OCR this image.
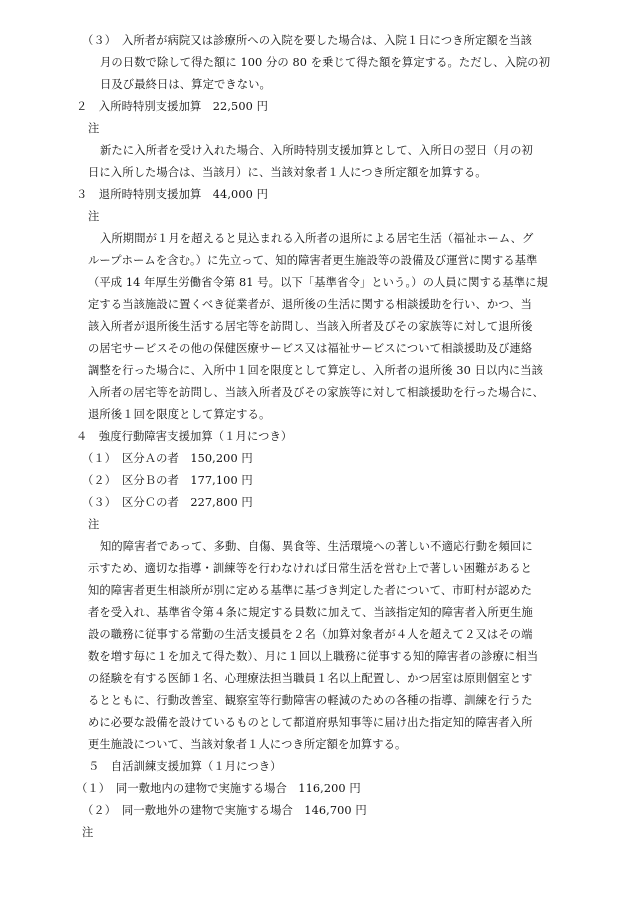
（３）　入所者が病院又は診療所への入院を要した場合は、入院１日につき所定額を当該
月の日数で除して得た額に 100 分の 80 を乗じて得た額を算定する。ただし、入院の初
日及び最終日は、算定できない。
２　入所時特別支援加算　22,500 円
注
新たに入所者を受け入れた場合、入所時特別支援加算として、入所日の翌日（月の初
日に入所した場合は、当該月）に、当該対象者１人につき所定額を加算する。
３　退所時特別支援加算　44,000 円
注
入所期間が１月を超えると見込まれる入所者の退所による居宅生活（福祉ホーム、グ
ループホームを含む。）に先立って、知的障害者更生施設等の設備及び運営に関する基準
（平成 14 年厚生労働省令第 81 号。以下「基準省令」という。）の人員に関する基準に規
定する当該施設に置くべき従業者が、退所後の生活に関する相談援助を行い、かつ、当
該入所者が退所後生活する居宅等を訪問し、当該入所者及びその家族等に対して退所後
の居宅サービスその他の保健医療サービス又は福祉サービスについて相談援助及び連絡
調整を行った場合に、入所中１回を限度として算定し、入所者の退所後 30 日以内に当該
入所者の居宅等を訪問し、当該入所者及びその家族等に対して相談援助を行った場合に、
退所後１回を限度として算定する。
４　強度行動障害支援加算（１月につき）
（１）　区分Ａの者　150,200 円
（２）　区分Ｂの者　177,100 円
（３）　区分Ｃの者　227,800 円
注
知的障害者であって、多動、自傷、異食等、生活環境への著しい不適応行動を頻回に
示すため、適切な指導・訓練等を行わなければ日常生活を営む上で著しい困難があると
知的障害者更生相談所が別に定める基準に基づき判定した者について、市町村が認めた
者を受入れ、基準省令第４条に規定する員数に加えて、当該指定知的障害者入所更生施
設の職務に従事する常勤の生活支援員を２名（加算対象者が４人を超えて２又はその端
数を増す毎に１を加えて得た数）、月に１回以上職務に従事する知的障害者の診療に相当
の経験を有する医師１名、心理療法担当職員１名以上配置し、かつ居室は原則個室とす
るとともに、行動改善室、観察室等行動障害の軽減のための各種の指導、訓練を行うた
めに必要な設備を設けているものとして都道府県知事等に届け出た指定知的障害者入所
更生施設について、当該対象者１人につき所定額を加算する。
５　自活訓練支援加算（１月につき）
（１）　同一敷地内の建物で実施する場合　116,200 円
（２）　同一敷地外の建物で実施する場合　146,700 円
注
